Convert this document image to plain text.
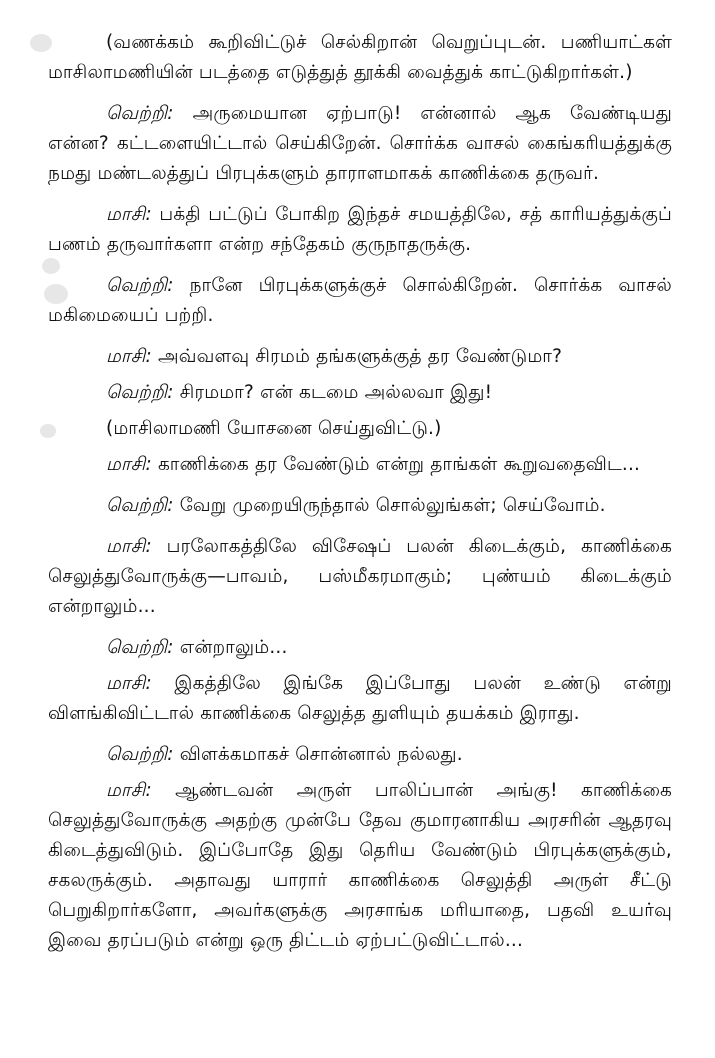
(வணக்கம் கூறிவிட்டுச் செல்கிறான் வெறுப்புடன். பணியாட்கள் மாசிலாமணியின் படத்தை எடுத்துத் தூக்கி வைத்துக் காட்டுகிறார்கள்.)

வெற்றி: அருமையான ஏற்பாடு! என்னால் ஆக வேண்டியது என்ன? கட்டளையிட்டால் செய்கிறேன். சொர்க்க வாசல் கைங்கரியத்துக்கு நமது மண்டலத்துப் பிரபுக்களும் தாராளமாகக் காணிக்கை தருவர்.

மாசி: பக்தி பட்டுப் போகிற இந்தச் சமயத்திலே, சத் காரியத்துக்குப் பணம் தருவார்களா என்ற சந்தேகம் குருநாதருக்கு.

வெற்றி: நானே பிரபுக்களுக்குச் சொல்கிறேன். சொர்க்க வாசல் மகிமையைப் பற்றி.

மாசி: அவ்வளவு சிரமம் தங்களுக்குத் தர வேண்டுமா?

வெற்றி: சிரமமா? என் கடமை அல்லவா இது!

(மாசிலாமணி யோசனை செய்துவிட்டு.)

மாசி: காணிக்கை தர வேண்டும் என்று தாங்கள் கூறுவதைவிட...

வெற்றி: வேறு முறையிருந்தால் சொல்லுங்கள்; செய்வோம்.

மாசி: பரலோகத்திலே விசேஷப் பலன் கிடைக்கும், காணிக்கை செலுத்துவோருக்கு—பாவம், பஸ்மீகரமாகும்; புண்யம் கிடைக்கும் என்றாலும்...

வெற்றி: என்றாலும்...

மாசி: இகத்திலே இங்கே இப்போது பலன் உண்டு என்று விளங்கிவிட்டால் காணிக்கை செலுத்த துளியும் தயக்கம் இராது.

வெற்றி: விளக்கமாகச் சொன்னால் நல்லது.

மாசி: ஆண்டவன் அருள் பாலிப்பான் அங்கு! காணிக்கை செலுத்துவோருக்கு அதற்கு முன்பே தேவ குமாரனாகிய அரசரின் ஆதரவு கிடைத்துவிடும். இப்போதே இது தெரிய வேண்டும் பிரபுக்களுக்கும், சகலருக்கும். அதாவது யாரார் காணிக்கை செலுத்தி அருள் சீட்டு பெறுகிறார்களோ, அவர்களுக்கு அரசாங்க மரியாதை, பதவி உயர்வு இவை தரப்படும் என்று ஒரு திட்டம் ஏற்பட்டுவிட்டால்...
